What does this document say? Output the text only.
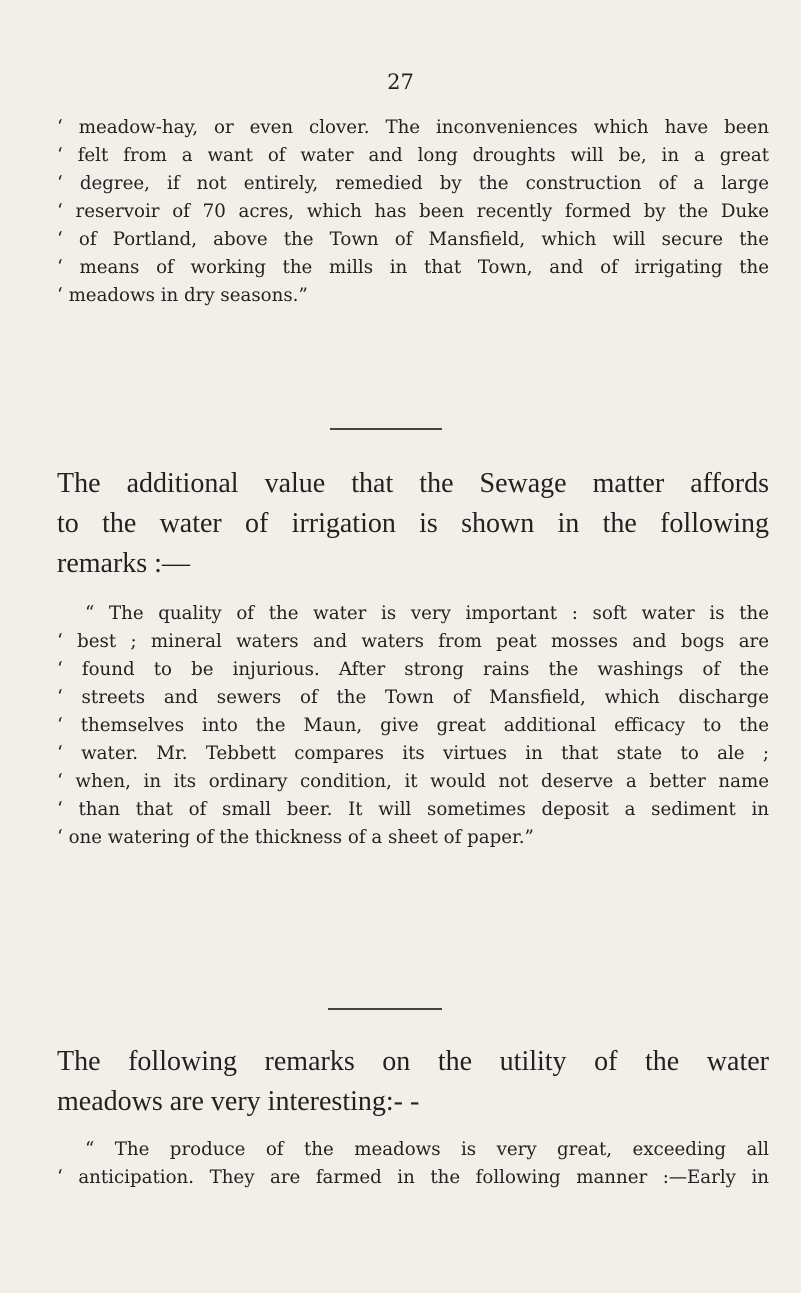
27
‘ meadow-hay, or even clover. The inconveniences which have been
‘ felt from a want of water and long droughts will be, in a great
‘ degree, if not entirely, remedied by the construction of a large
‘ reservoir of 70 acres, which has been recently formed by the Duke
‘ of Portland, above the Town of Mansfield, which will secure the
‘ means of working the mills in that Town, and of irrigating the
‘ meadows in dry seasons.”
The additional value that the Sewage matter affords
to the water of irrigation is shown in the following
remarks :—
“ The quality of the water is very important : soft water is the
‘ best ; mineral waters and waters from peat mosses and bogs are
‘ found to be injurious. After strong rains the washings of the
‘ streets and sewers of the Town of Mansfield, which discharge
‘ themselves into the Maun, give great additional efficacy to the
‘ water. Mr. Tebbett compares its virtues in that state to ale ;
‘ when, in its ordinary condition, it would not deserve a better name
‘ than that of small beer. It will sometimes deposit a sediment in
‘ one watering of the thickness of a sheet of paper.”
The following remarks on the utility of the water
meadows are very interesting:- -
“ The produce of the meadows is very great, exceeding all
‘ anticipation. They are farmed in the following manner :—Early in
